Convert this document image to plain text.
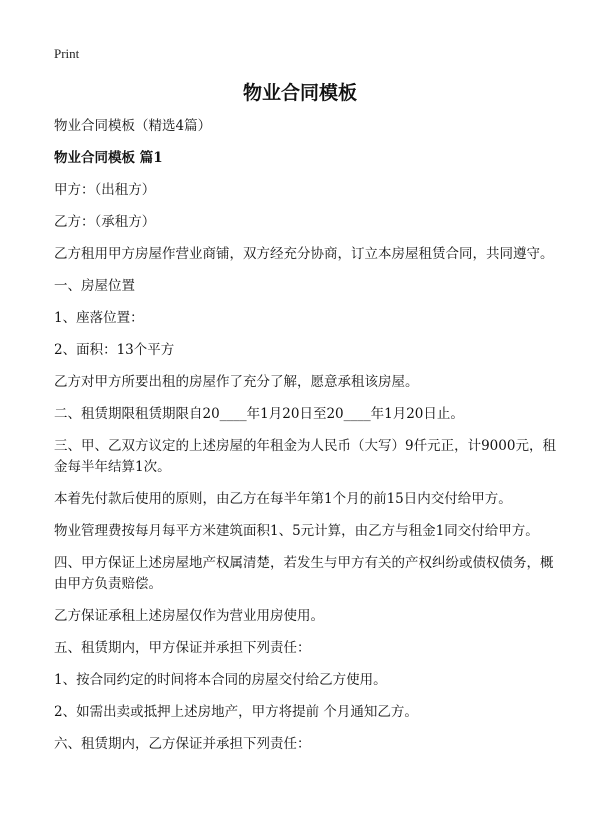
Print
物业合同模板

物业合同模板（精选4篇）

物业合同模板 篇1

甲方：（出租方）

乙方：（承租方）

乙方租用甲方房屋作营业商铺，双方经充分协商，订立本房屋租赁合同，共同遵守。

一、房屋位置

1、座落位置：

2、面积：13个平方

乙方对甲方所要出租的房屋作了充分了解，愿意承租该房屋。

二、租赁期限租赁期限自20____年1月20日至20____年1月20日止。

三、甲、乙双方议定的上述房屋的年租金为人民币（大写）9仟元正，计9000元，租金每半年结算1次。

本着先付款后使用的原则，由乙方在每半年第1个月的前15日内交付给甲方。

物业管理费按每月每平方米建筑面积1、5元计算，由乙方与租金1同交付给甲方。

四、甲方保证上述房屋地产权属清楚，若发生与甲方有关的产权纠纷或债权债务，概由甲方负责赔偿。

乙方保证承租上述房屋仅作为营业用房使用。

五、租赁期内，甲方保证并承担下列责任：

1、按合同约定的时间将本合同的房屋交付给乙方使用。

2、如需出卖或抵押上述房地产，甲方将提前 个月通知乙方。

六、租赁期内，乙方保证并承担下列责任：
